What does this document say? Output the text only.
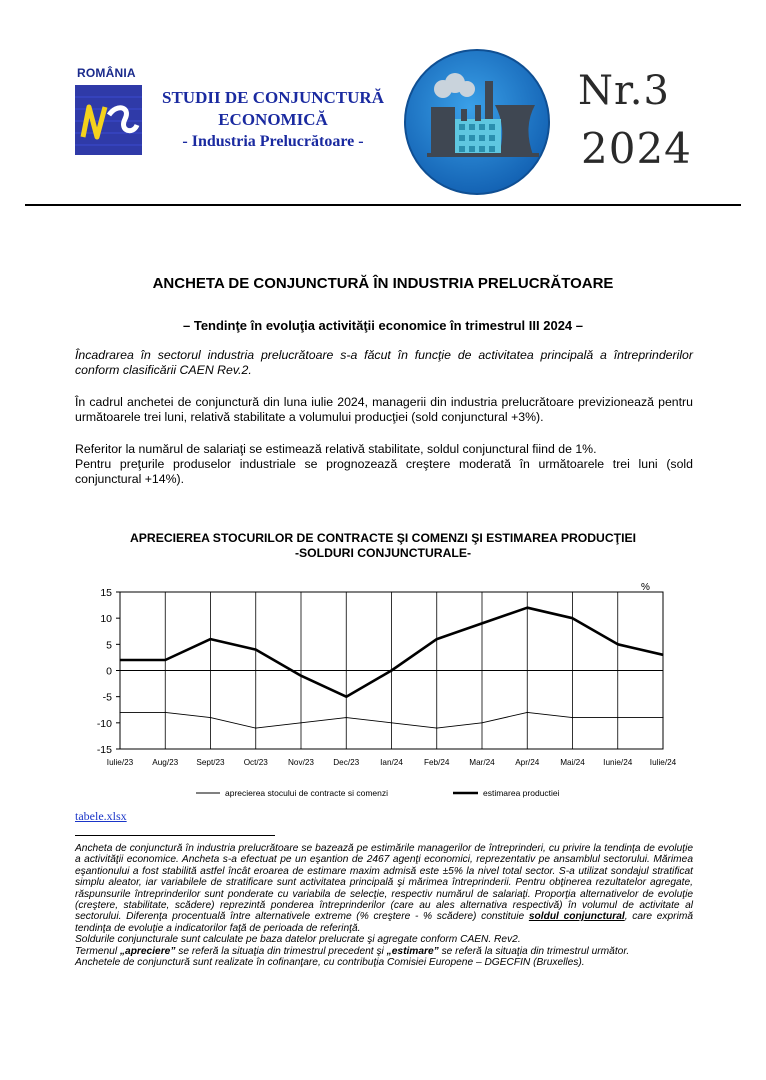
ROMÂNIA
STUDII DE CONJUNCTURĂ
ECONOMICĂ
- Industria Prelucrătoare -
Nr.3
2024
ANCHETA DE CONJUNCTURĂ ÎN INDUSTRIA PRELUCRĂTOARE
– Tendinţe în evoluţia activităţii economice în trimestrul III 2024 –
Încadrarea în sectorul industria prelucrătoare s-a făcut în funcţie de activitatea principală a întreprinderilor conform clasificării CAEN Rev.2.
În cadrul anchetei de conjunctură din luna iulie 2024, managerii din industria prelucrătoare previzionează pentru următoarele trei luni, relativă stabilitate a volumului producţiei (sold conjunctural +3%).
Referitor la numărul de salariaţi se estimează relativă stabilitate, soldul conjunctural fiind de 1%.
Pentru preţurile produselor industriale se prognozează creştere moderată în următoarele trei luni (sold conjunctural +14%).
APRECIEREA STOCURILOR DE CONTRACTE ŞI COMENZI ŞI ESTIMAREA PRODUCŢIEI
-SOLDURI CONJUNCTURALE-
%
15
10
5
0
-5
-10
-15
Iulie/23 Aug/23 Sept/23 Oct/23 Nov/23 Dec/23	Ian/24	Feb/24 Mar/24 Apr/24	Mai/24 Iunie/24 Iulie/24
aprecierea stocului de contracte si comenzi	estimarea productiei
tabele.xlsx

Ancheta de conjunctură în industria prelucrătoare se bazează pe estimările managerilor de întreprinderi, cu privire la tendinţa de evoluţie a activităţii economice. Ancheta s-a efectuat pe un eşantion de 2467 agenţi economici, reprezentativ pe ansamblul sectorului. Mărimea eşantionului a fost stabilită astfel încât eroarea de estimare maxim admisă este ±5% la nivel total sector. S-a utilizat sondajul stratificat simplu aleator, iar variabilele de stratificare sunt activitatea principală şi mărimea întreprinderii. Pentru obţinerea rezultatelor agregate, răspunsurile întreprinderilor sunt ponderate cu variabila de selecţie, respectiv numărul de salariaţi. Proporţia alternativelor de evoluţie (creştere, stabilitate, scădere) reprezintă ponderea întreprinderilor (care au ales alternativa respectivă) în volumul de activitate al sectorului. Diferenţa procentuală între alternativele extreme (% creştere - % scădere) constituie soldul conjunctural, care exprimă tendinţa de evoluţie a indicatorilor faţă de perioada de referinţă.

Soldurile conjuncturale sunt calculate pe baza datelor prelucrate şi agregate conform CAEN. Rev2.

Termenul „apreciere” se referă la situaţia din trimestrul precedent şi „estimare” se referă la situaţia din trimestrul următor.

Anchetele de conjunctură sunt realizate în cofinanţare, cu contribuţia Comisiei Europene – DGECFIN (Bruxelles).
